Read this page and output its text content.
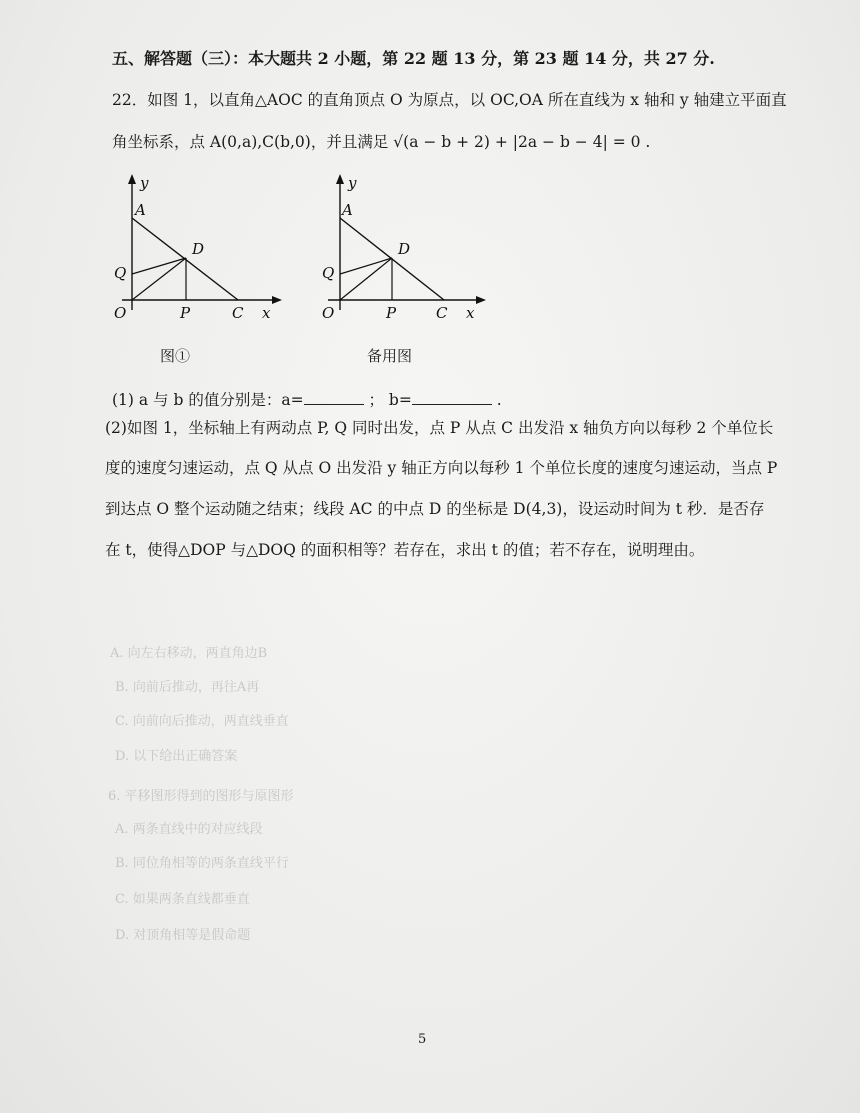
A. 向左右移动，两直角边B
B. 向前后推动，再往A再
C. 向前向后推动，两直线垂直
D. 以下给出正确答案
6. 平移图形得到的图形与原图形
A. 两条直线中的对应线段
B. 同位角相等的两条直线平行
C. 如果两条直线都垂直
D. 对顶角相等是假命题
五、解答题（三）：本大题共 2 小题，第 22 题 13 分，第 23 题 14 分，共 27 分.
22．如图 1，以直角△AOC 的直角顶点 O 为原点，以 OC,OA 所在直线为 x 轴和 y 轴建立平面直
角坐标系，点 A(0,a),C(b,0)，并且满足 √(a − b + 2) + |2a − b − 4| = 0 .
y
A
D
Q
O	P	C x
y
A
D
Q
O	P	C x
图①	备用图
(1) a 与 b 的值分别是：a=	； b=	.
(2)如图 1，坐标轴上有两动点 P, Q 同时出发，点 P 从点 C 出发沿 x 轴负方向以每秒 2 个单位长
度的速度匀速运动，点 Q 从点 O 出发沿 y 轴正方向以每秒 1 个单位长度的速度匀速运动，当点 P
到达点 O 整个运动随之结束；线段 AC 的中点 D 的坐标是 D(4,3)，设运动时间为 t 秒．是否存
在 t，使得△DOP 与△DOQ 的面积相等？若存在，求出 t 的值；若不存在，说明理由。
5
